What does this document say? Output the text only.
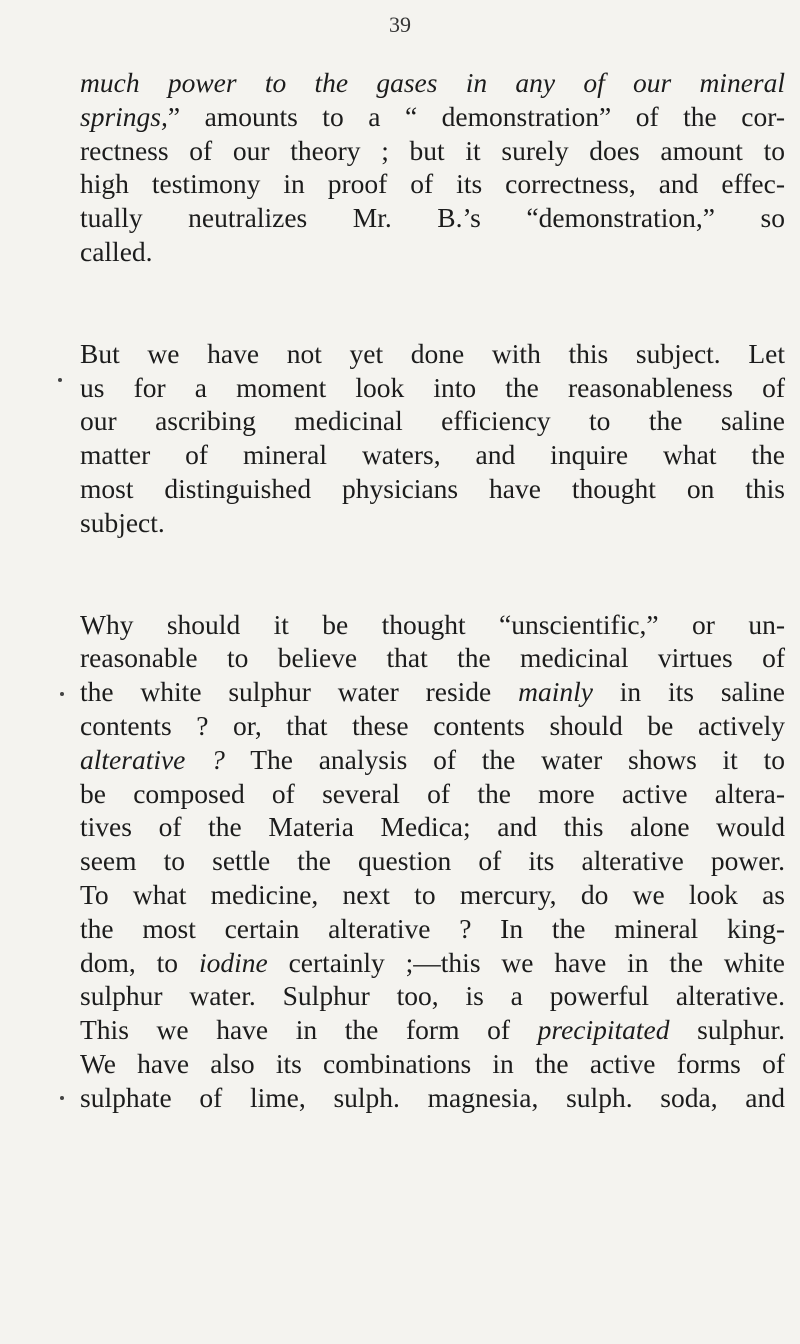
39
much power to the gases in any of our mineral
springs,” amounts to a “ demonstration” of the cor-
rectness of our theory ; but it surely does amount to
high testimony in proof of its correctness, and effec-
tually neutralizes Mr. B.’s “demonstration,” so
called.
But we have not yet done with this subject. Let
us for a moment look into the reasonableness of
our ascribing medicinal efficiency to the saline
matter of mineral waters, and inquire what the
most distinguished physicians have thought on this
subject.
Why should it be thought “unscientific,” or un-
reasonable to believe that the medicinal virtues of
the white sulphur water reside mainly in its saline
contents ? or, that these contents should be actively
alterative ? The analysis of the water shows it to
be composed of several of the more active altera-
tives of the Materia Medica; and this alone would
seem to settle the question of its alterative power.
To what medicine, next to mercury, do we look as
the most certain alterative ? In the mineral king-
dom, to iodine certainly ;—this we have in the white
sulphur water. Sulphur too, is a powerful alterative.
This we have in the form of precipitated sulphur.
We have also its combinations in the active forms of
sulphate of lime, sulph. magnesia, sulph. soda, and
